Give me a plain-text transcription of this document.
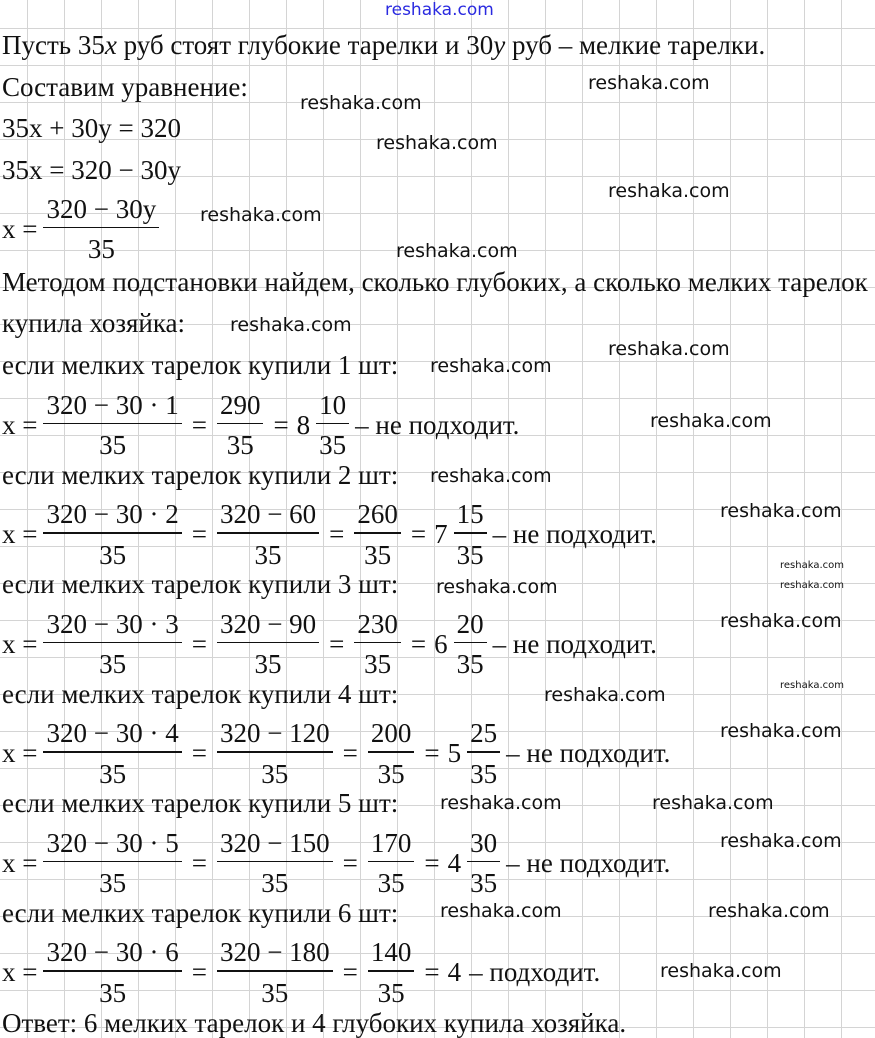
reshaka.com
Пусть 35x руб стоят глубокие тарелки и 30y руб – мелкие тарелки.
Составим уравнение:
35x + 30y = 320
35x = 320 − 30y
$x = \frac{320 - 30y}{35}$
Методом подстановки найдем, сколько глубоких, а сколько мелких тарелок
купила хозяйка:
если мелких тарелок купили 1 шт:
$x = \frac{320 - 30 \cdot 1}{35} = \frac{290}{35} = 8 \frac{10}{35}$ – не подходит.
если мелких тарелок купили 2 шт:
$x = \frac{320 - 30 \cdot 2}{35} = \frac{320 - 60}{35} = \frac{260}{35} = 7 \frac{15}{35}$ – не подходит.
если мелких тарелок купили 3 шт:
$x = \frac{320 - 30 \cdot 3}{35} = \frac{320 - 90}{35} = \frac{230}{35} = 6 \frac{20}{35}$ – не подходит.
если мелких тарелок купили 4 шт:
$x = \frac{320 - 30 \cdot 4}{35} = \frac{320 - 120}{35} = \frac{200}{35} = 5 \frac{25}{35}$ – не подходит.
если мелких тарелок купили 5 шт:
$x = \frac{320 - 30 \cdot 5}{35} = \frac{320 - 150}{35} = \frac{170}{35} = 4 \frac{30}{35}$ – не подходит.
если мелких тарелок купили 6 шт:
$x = \frac{320 - 30 \cdot 6}{35} = \frac{320 - 180}{35} = \frac{140}{35} = 4$ – подходит.
Ответ: 6 мелких тарелок и 4 глубоких купила хозяйка.
reshaka.com
reshaka.com
reshaka.com
reshaka.com
reshaka.com
reshaka.com
reshaka.com
reshaka.com
reshaka.com
reshaka.com
reshaka.com
reshaka.com
reshaka.com
reshaka.com
reshaka.com
reshaka.com
reshaka.com
reshaka.com	reshaka.com
reshaka.com
reshaka.com
reshaka.com
reshaka.com
reshaka.com
reshaka.com
